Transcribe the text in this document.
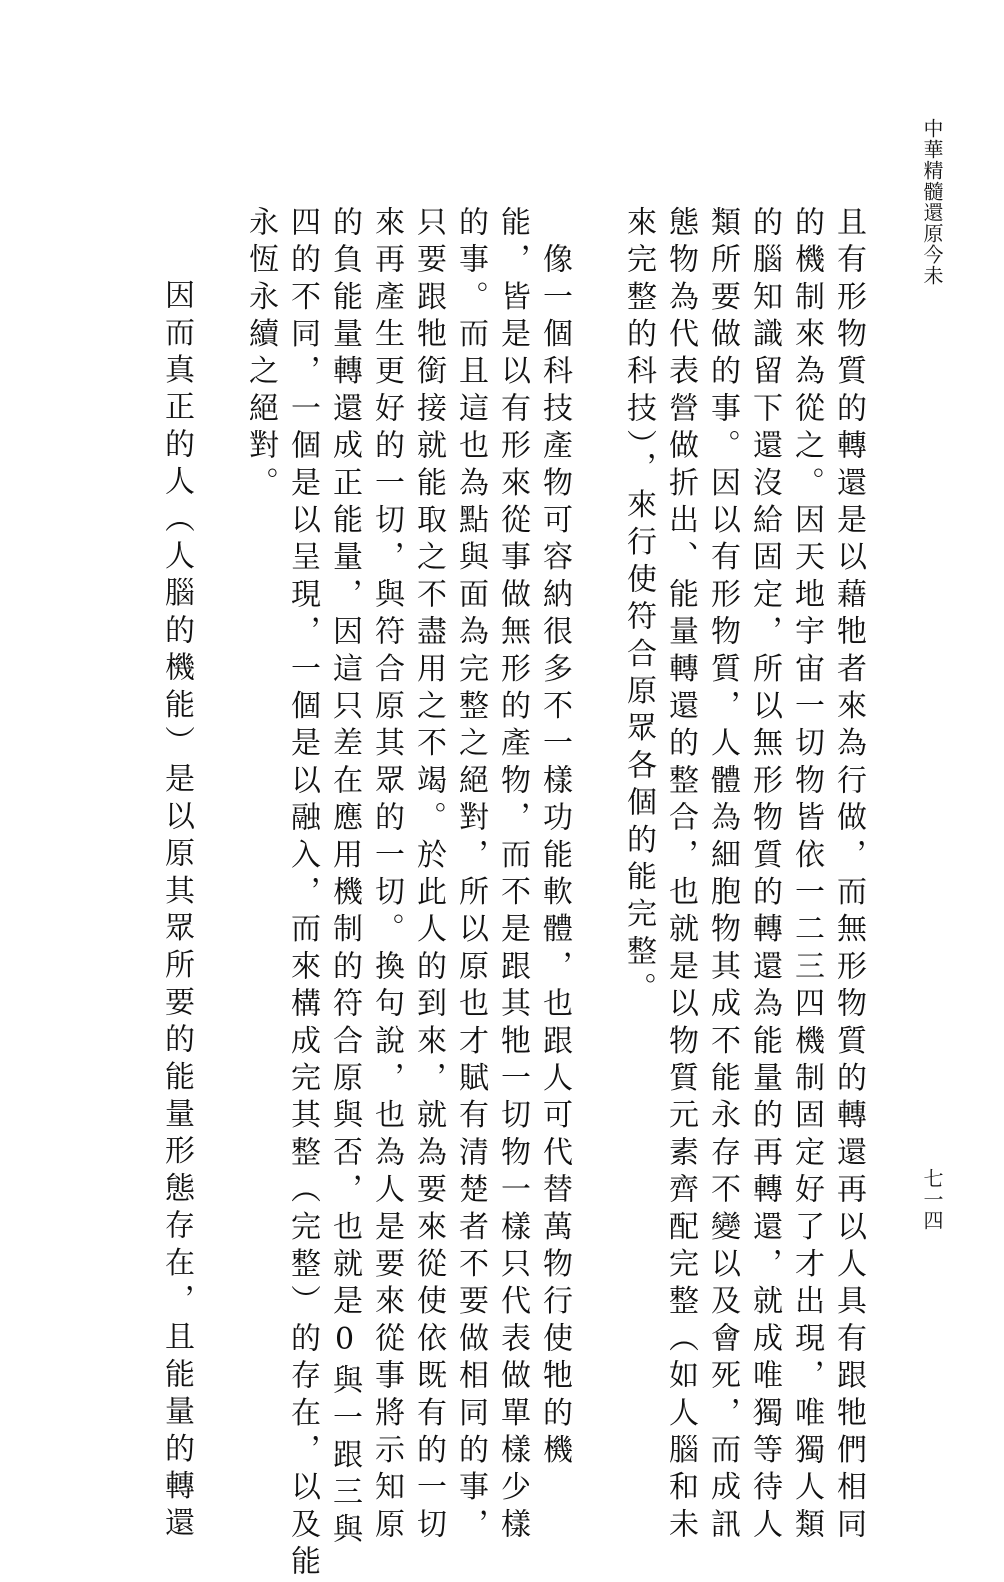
中華精髓還原今未
七一四
且有形物質的轉還是以藉牠者來為行做，而無形物質的轉還再以人具有跟牠們相同
的機制來為從之。因天地宇宙一切物皆依一二三四機制固定好了才出現，唯獨人類
的腦知識留下還沒給固定，所以無形物質的轉還為能量的再轉還，就成唯獨等待人
類所要做的事。因以有形物質，人體為細胞物其成不能永存不變以及會死，而成訊
態物為代表營做折出、能量轉還的整合，也就是以物質元素齊配完整（如人腦和未
來完整的科技），來行使符合原眾各個的能完整。
　像一個科技產物可容納很多不一樣功能軟體，也跟人可代替萬物行使牠的機
能，皆是以有形來從事做無形的產物，而不是跟其牠一切物一樣只代表做單樣少樣
的事。而且這也為點與面為完整之絕對，所以原也才賦有清楚者不要做相同的事，
只要跟牠銜接就能取之不盡用之不竭。於此人的到來，就為要來從使依既有的一切
來再產生更好的一切，與符合原其眾的一切。換句說，也為人是要來從事將示知原
的負能量轉還成正能量，因這只差在應用機制的符合原與否，也就是0與一跟三與
四的不同，一個是以呈現，一個是以融入，而來構成完其整（完整）的存在，以及能
永恆永續之絕對。
　因而真正的人（人腦的機能）是以原其眾所要的能量形態存在，且能量的轉還
